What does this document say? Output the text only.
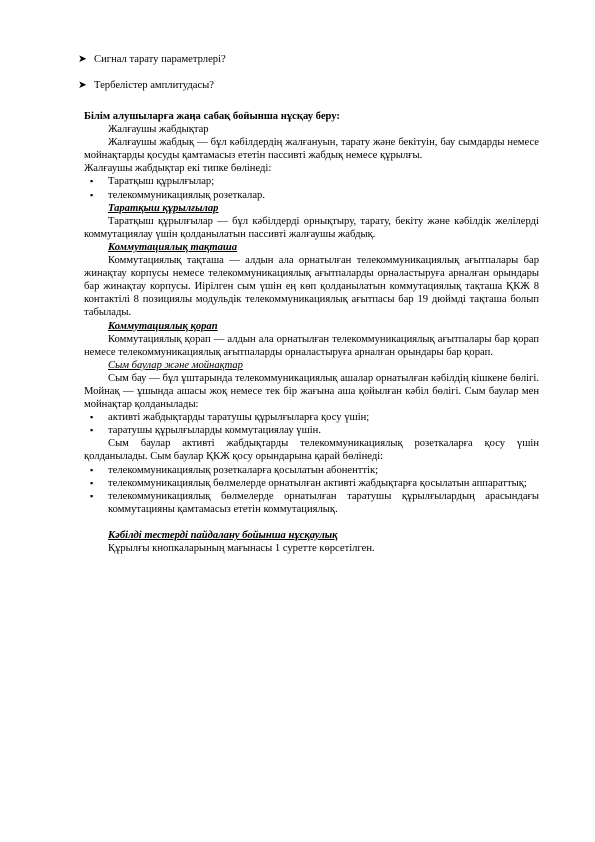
➤ Сигнал тарату параметрлері?
➤ Тербелістер амплитудасы?

Білім алушыларға жаңа сабақ бойынша нұсқау беру:

Жалғаушы жабдықтар

Жалғаушы жабдық — бұл кәбілдердің жалғануын, тарату және бекітуін, бау сымдарды немесе мойнақтарды қосуды қамтамасыз ететін пассивті жабдық немесе құрылғы.

Жалғаушы жабдықтар екі типке бөлінеді:

▪ Таратқыш құрылғылар;
▪ телекоммуникациялық розеткалар.

Таратқыш құрылғылар

Таратқыш құрылғылар — бұл кәбілдерді орнықтыру, тарату, бекіту және кәбілдік желілерді коммутациялау үшін қолданылатын пассивті жалғаушы жабдық.

Коммутациялық тақташа

Коммутациялық тақташа — алдын ала орнатылған телекоммуникациялық ағытпалары бар жинақтау корпусы немесе телекоммуникациялық ағытпаларды орналастыруға арналған орындары бар жинақтау корпусы. Иірілген сым үшін ең көп қолданылатын коммутациялық тақташа ҚКЖ 8 контактілі 8 позициялы модульдік телекоммуникациялық ағытпасы бар 19 дюймді тақташа болып табылады.

Коммутациялық қорап

Коммутациялық қорап — алдын ала орнатылған телекоммуникациялық ағытпалары бар қорап немесе телекоммуникациялық ағытпаларды орналастыруға арналған орындары бар қорап.

Сым баулар және мойнақтар

Сым бау — бұл ұштарында телекоммуникациялық ашалар орнатылған кәбілдің кішкене бөлігі. Мойнақ — ұшында ашасы жоқ немесе тек бір жағына аша қойылған кәбіл бөлігі. Сым баулар мен мойнақтар қолданылады:

▪ активті жабдықтарды таратушы құрылғыларға қосу үшін;
▪ таратушы құрылғыларды коммутациялау үшін.

Сым баулар активті жабдықтарды телекоммуникациялық розеткаларға қосу үшін қолданылады. Сым баулар ҚКЖ қосу орындарына қарай бөлінеді:

▪ телекоммуникациялық розеткаларға қосылатын абоненттік;
▪ телекоммуникациялық бөлмелерде орнатылған активті жабдықтарға қосылатын аппараттық;
▪ телекоммуникациялық бөлмелерде орнатылған таратушы құрылғылардың арасындағы коммутацияны қамтамасыз ететін коммутациялық.

Кәбілді тестерді пайдалану бойынша нұсқаулық

Құрылғы кнопкаларының мағынасы 1 суретте көрсетілген.
